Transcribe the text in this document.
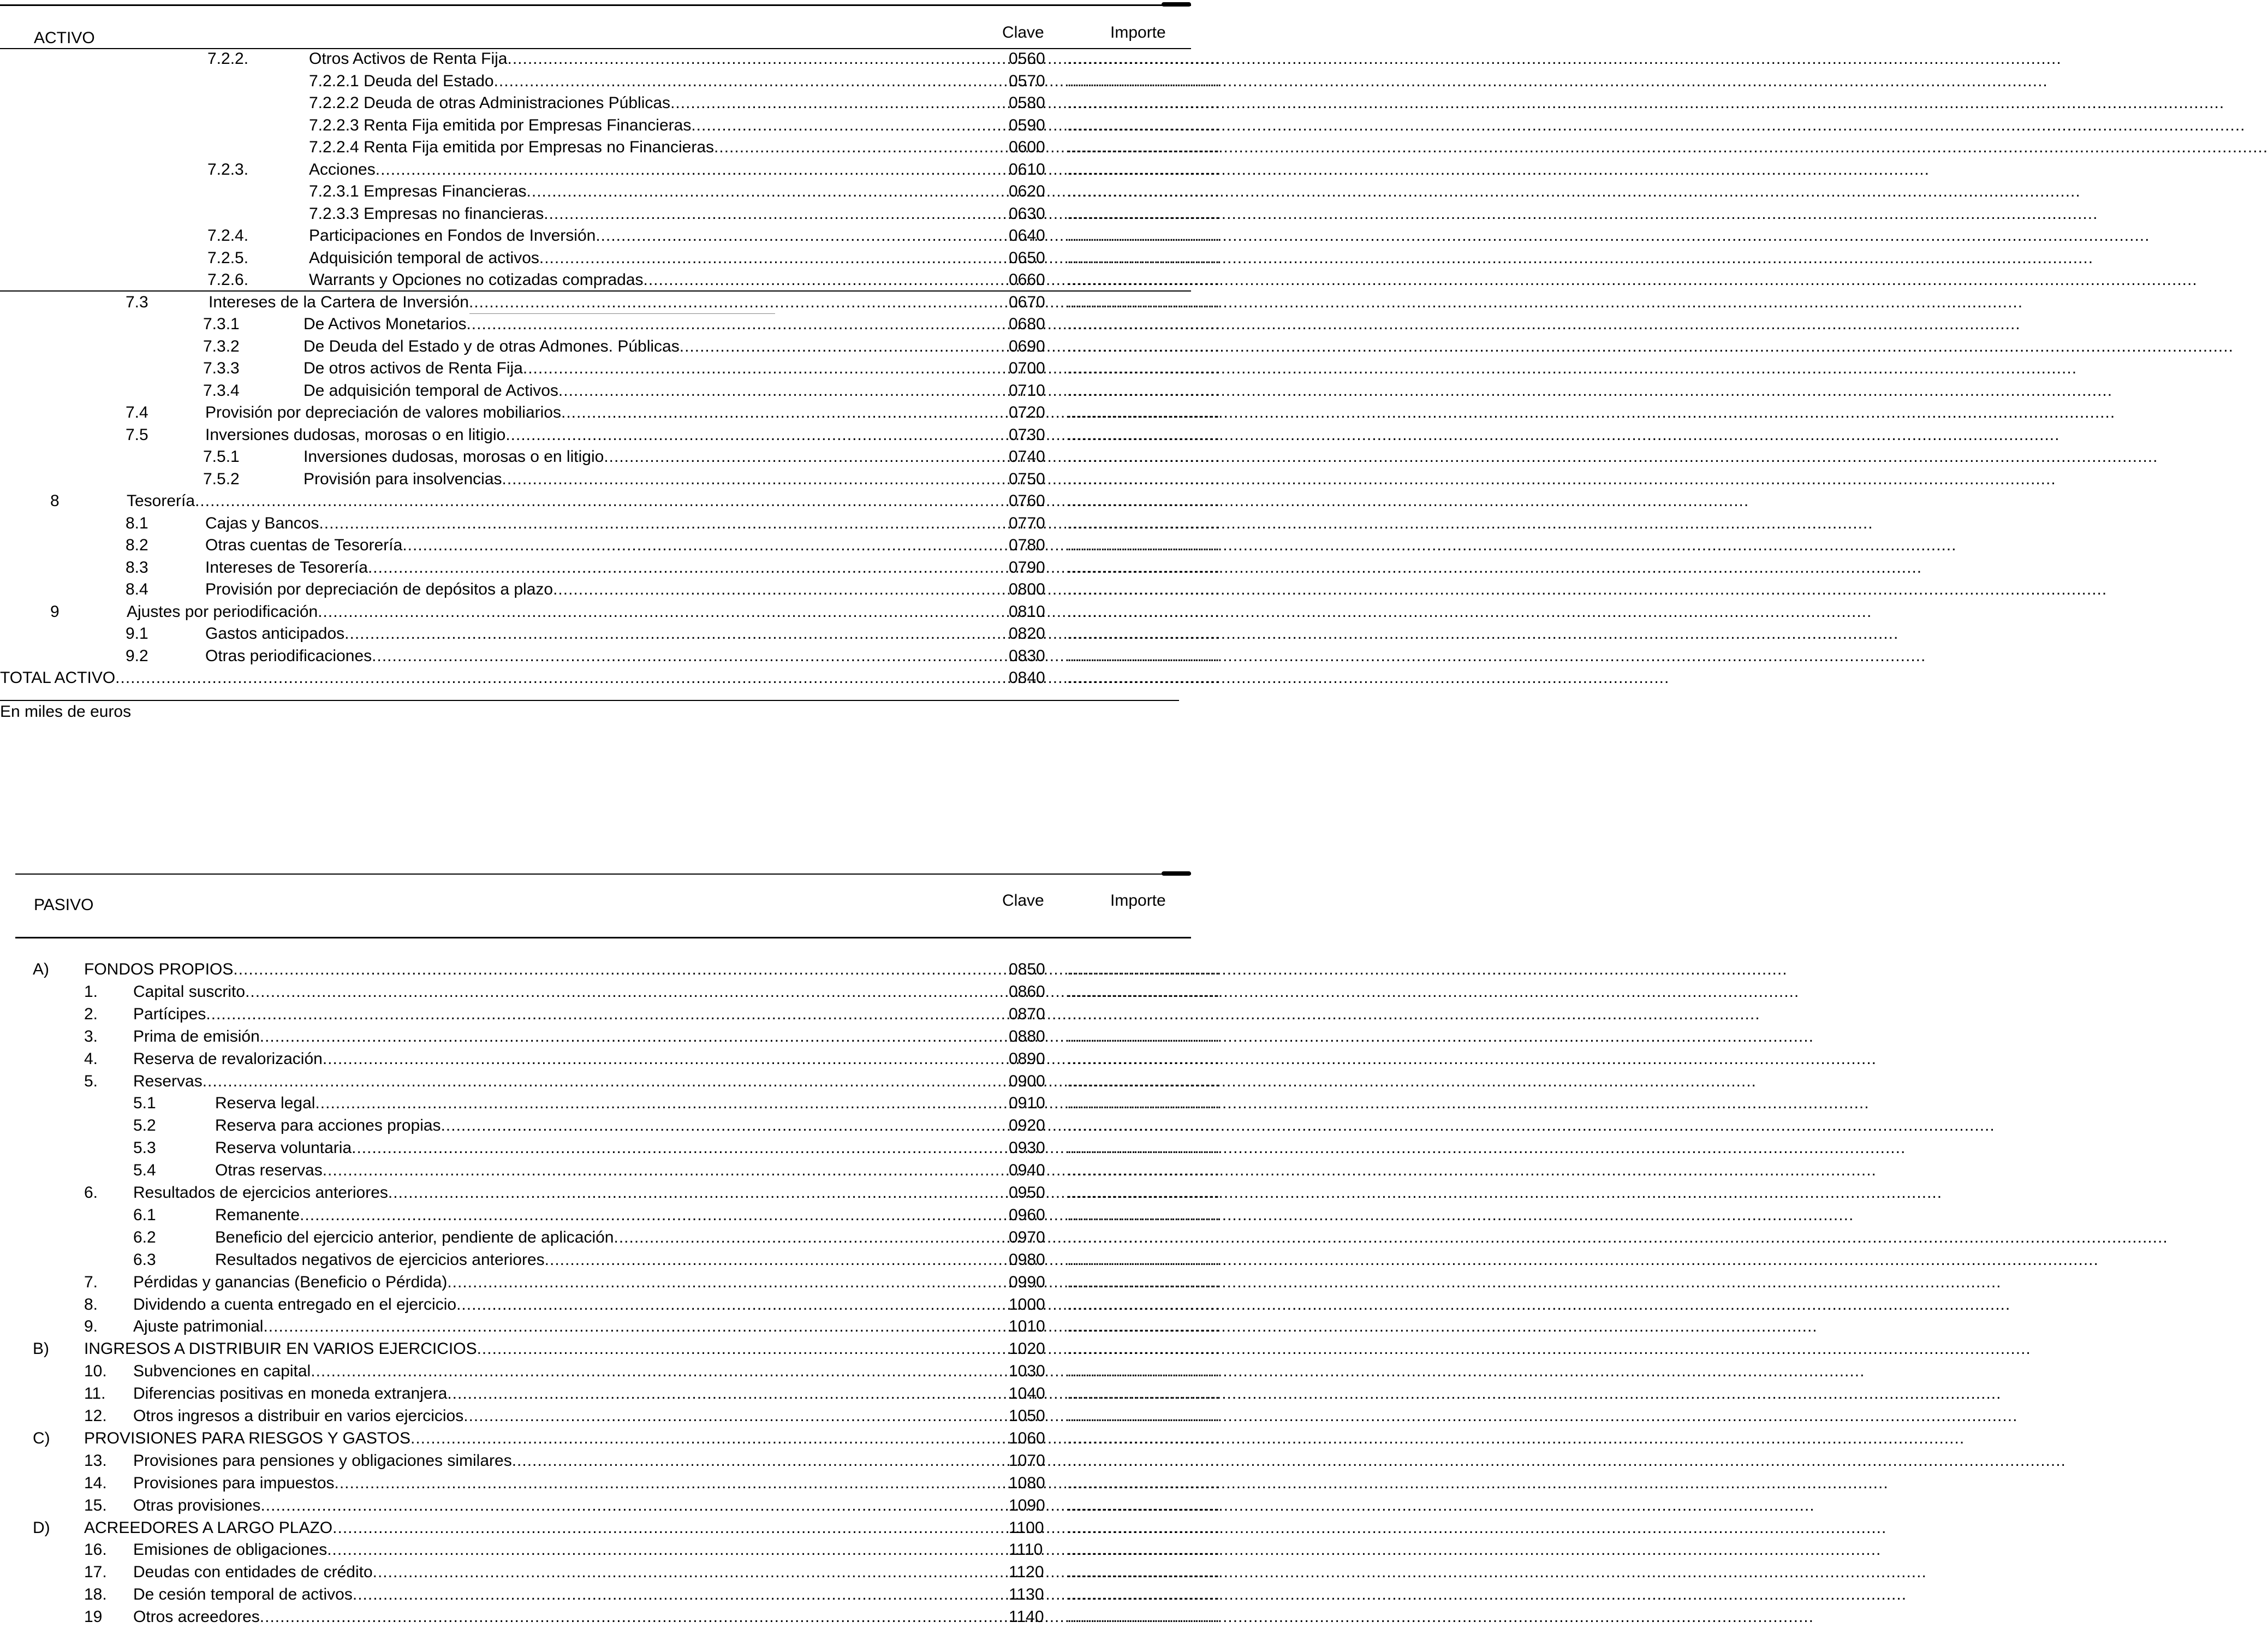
ACTIVO	Clave	Importe
7.2.2.	Otros Activos de Renta Fija .....	0560 ..............................
7.2.2.1 Deuda del Estado .....	0570 ..............................
7.2.2.2 Deuda de otras Administraciones Públicas .....	0580 ..............................
7.2.2.3 Renta Fija emitida por Empresas Financieras .....	0590 ..............................
7.2.2.4 Renta Fija emitida por Empresas no Financieras .....	0600 ..............................
7.2.3.	Acciones .....	0610 ..............................
7.2.3.1 Empresas Financieras .....	0620 ..............................
7.2.3.3 Empresas no financieras .....	0630 ..............................
7.2.4.	Participaciones en Fondos de Inversión .....	0640 ..............................
7.2.5.	Adquisición temporal de activos .....	0650 ..............................
7.2.6.	Warrants y Opciones no cotizadas compradas .....	0660 ..............................
7.3	Intereses de la Cartera de Inversión .....	0670 ..............................
7.3.1	De Activos Monetarios .....	0680 ..............................
7.3.2	De Deuda del Estado y de otras Admones. Públicas .....	0690 ..............................
7.3.3	De otros activos de Renta Fija .....	0700 ..............................
7.3.4	De adquisición temporal de Activos .....	0710 ..............................
7.4	Provisión por depreciación de valores mobiliarios .....	0720 ..............................
7.5	Inversiones dudosas, morosas o en litigio .....	0730 ..............................
7.5.1	Inversiones dudosas, morosas o en litigio .....	0740 ..............................
7.5.2	Provisión para insolvencias .....	0750 ..............................
8	Tesorería .....	0760 ..............................
8.1	Cajas y Bancos .....	0770 ..............................
8.2	Otras cuentas de Tesorería .....	0780 ..............................
8.3	Intereses de Tesorería .....	0790 ..............................
8.4	Provisión por depreciación de depósitos a plazo .....	0800 ..............................
9	Ajustes por periodificación .....	0810 ..............................
9.1	Gastos anticipados .....	0820 ..............................
9.2	Otras periodificaciones .....	0830 ..............................
TOTAL ACTIVO .....	0840 ..............................
En miles de euros
PASIVO	Clave	Importe
A) FONDOS PROPIOS .....	0850 ..............................
1. Capital suscrito .....	0860 ..............................
2. Partícipes .....	0870 ..............................
3. Prima de emisión .....	0880 ..............................
4. Reserva de revalorización .....	0890 ..............................
5. Reservas .....	0900 ..............................
5.1	Reserva legal .....	0910 ..............................
5.2	Reserva para acciones propias .....	0920 ..............................
5.3	Reserva voluntaria .....	0930 ..............................
5.4	Otras reservas .....	0940 ..............................
6. Resultados de ejercicios anteriores .....	0950 ..............................
6.1	Remanente .....	0960 ..............................
6.2	Beneficio del ejercicio anterior, pendiente de aplicación .....	0970 ..............................
6.3	Resultados negativos de ejercicios anteriores .....	0980 ..............................
7. Pérdidas y ganancias (Beneficio o Pérdida) .....	0990 ..............................
8. Dividendo a cuenta entregado en el ejercicio .....	1000 ..............................
9. Ajuste patrimonial .....	1010 ..............................
B) INGRESOS A DISTRIBUIR EN VARIOS EJERCICIOS .....	1020 ..............................
10. Subvenciones en capital .....	1030 ..............................
11. Diferencias positivas en moneda extranjera .....	1040 ..............................
12. Otros ingresos a distribuir en varios ejercicios .....	1050 ..............................
C) PROVISIONES PARA RIESGOS Y GASTOS .....	1060 ..............................
13. Provisiones para pensiones y obligaciones similares .....	1070 ..............................
14. Provisiones para impuestos .....	1080 ..............................
15. Otras provisiones .....	1090 ..............................
D) ACREEDORES A LARGO PLAZO .....	1100 ..............................
16. Emisiones de obligaciones .....	1110 ..............................
17. Deudas con entidades de crédito .....	1120 ..............................
18. De cesión temporal de activos .....	1130 ..............................
19 Otros acreedores .....	1140 ..............................
